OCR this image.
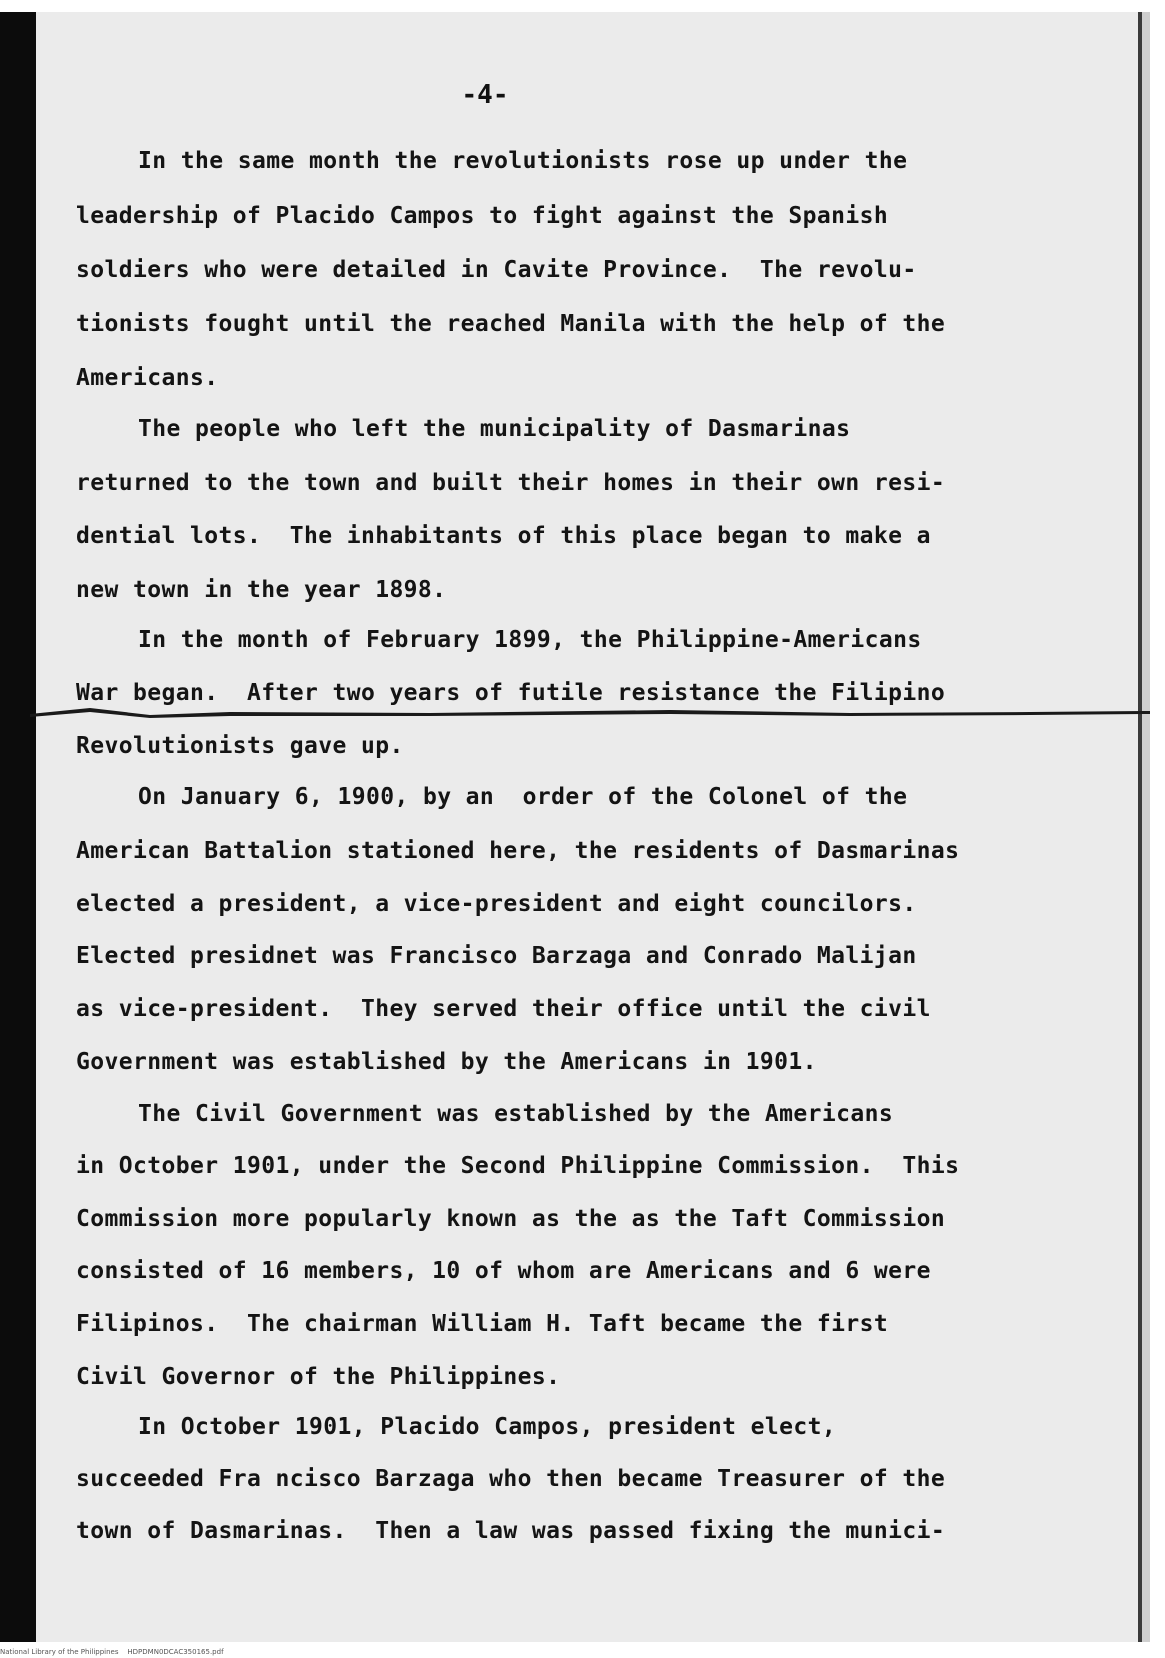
-4-

In the same month the revolutionists rose up under the

leadership of Placido Campos to fight against the Spanish

soldiers who were detailed in Cavite Province.  The revolu-

tionists fought until the reached Manila with the help of the

Americans.

The people who left the municipality of Dasmarinas

returned to the town and built their homes in their own resi-

dential lots.  The inhabitants of this place began to make a

new town in the year 1898.

In the month of February 1899, the Philippine-Americans

War began.  After two years of futile resistance the Filipino

Revolutionists gave up.

On January 6, 1900, by an  order of the Colonel of the

American Battalion stationed here, the residents of Dasmarinas

elected a president, a vice-president and eight councilors.

Elected presidnet was Francisco Barzaga and Conrado Malijan

as vice-president.  They served their office until the civil

Government was established by the Americans in 1901.

The Civil Government was established by the Americans

in October 1901, under the Second Philippine Commission.  This

Commission more popularly known as the as the Taft Commission

consisted of 16 members, 10 of whom are Americans and 6 were

Filipinos.  The chairman William H. Taft became the first

Civil Governor of the Philippines.

In October 1901, Placido Campos, president elect,

succeeded Fra ncisco Barzaga who then became Treasurer of the

town of Dasmarinas.  Then a law was passed fixing the munici-

National Library of the Philippines HDPDMN0DCAC350165.pdf
